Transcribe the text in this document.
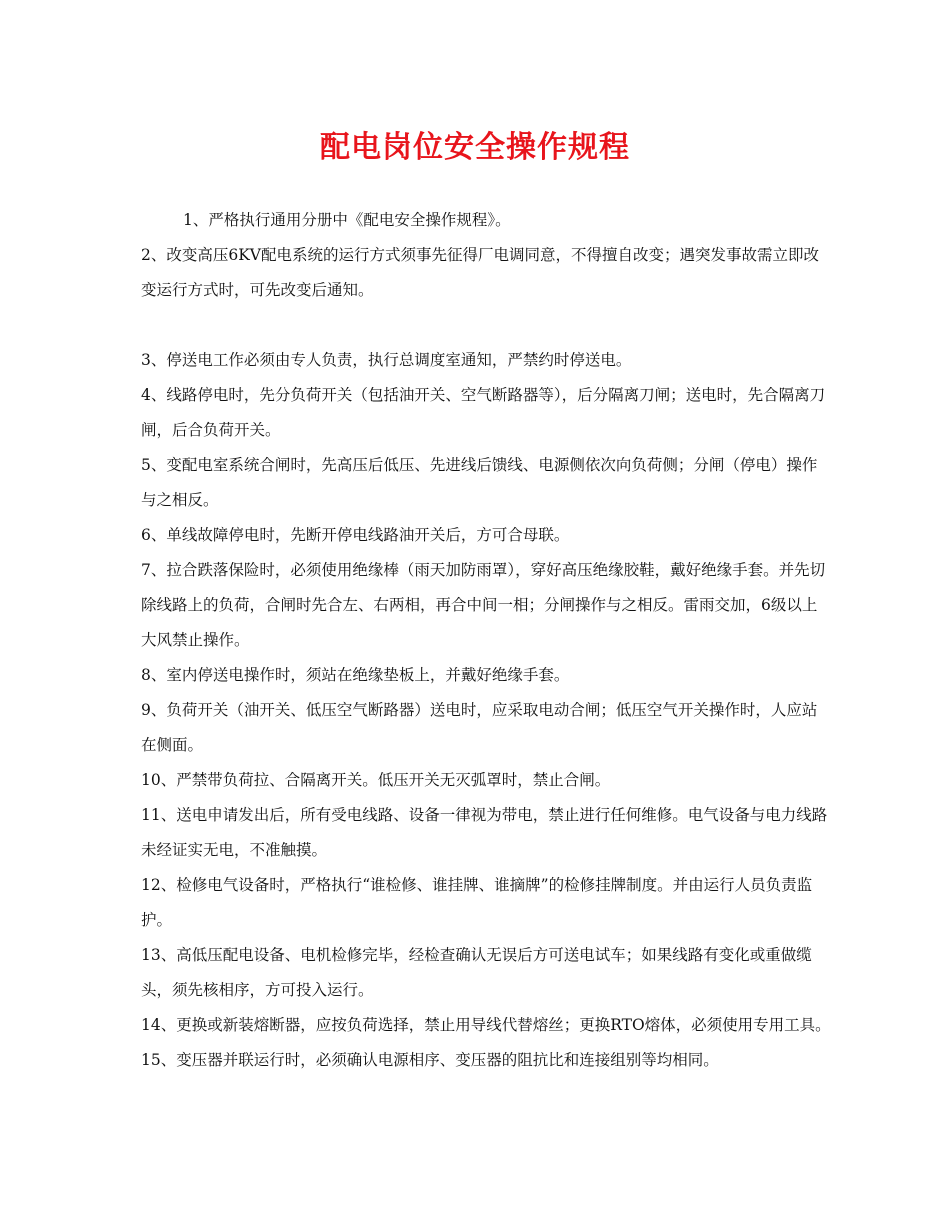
配电岗位安全操作规程

1、严格执行通用分册中《配电安全操作规程》。

2、改变高压6KV配电系统的运行方式须事先征得厂电调同意，不得擅自改变；遇突发事故需立即改变运行方式时，可先改变后通知。

3、停送电工作必须由专人负责，执行总调度室通知，严禁约时停送电。

4、线路停电时，先分负荷开关（包括油开关、空气断路器等），后分隔离刀闸；送电时，先合隔离刀闸，后合负荷开关。

5、变配电室系统合闸时，先高压后低压、先进线后馈线、电源侧依次向负荷侧；分闸（停电）操作与之相反。

6、单线故障停电时，先断开停电线路油开关后，方可合母联。

7、拉合跌落保险时，必须使用绝缘棒（雨天加防雨罩），穿好高压绝缘胶鞋，戴好绝缘手套。并先切除线路上的负荷，合闸时先合左、右两相，再合中间一相；分闸操作与之相反。雷雨交加，6级以上大风禁止操作。

8、室内停送电操作时，须站在绝缘垫板上，并戴好绝缘手套。

9、负荷开关（油开关、低压空气断路器）送电时，应采取电动合闸；低压空气开关操作时，人应站在侧面。

10、严禁带负荷拉、合隔离开关。低压开关无灭弧罩时，禁止合闸。

11、送电申请发出后，所有受电线路、设备一律视为带电，禁止进行任何维修。电气设备与电力线路未经证实无电，不准触摸。

12、检修电气设备时，严格执行“谁检修、谁挂牌、谁摘牌”的检修挂牌制度。并由运行人员负责监护。

13、高低压配电设备、电机检修完毕，经检查确认无误后方可送电试车；如果线路有变化或重做缆头，须先核相序，方可投入运行。

14、更换或新装熔断器，应按负荷选择，禁止用导线代替熔丝；更换RTO熔体，必须使用专用工具。

15、变压器并联运行时，必须确认电源相序、变压器的阻抗比和连接组别等均相同。
